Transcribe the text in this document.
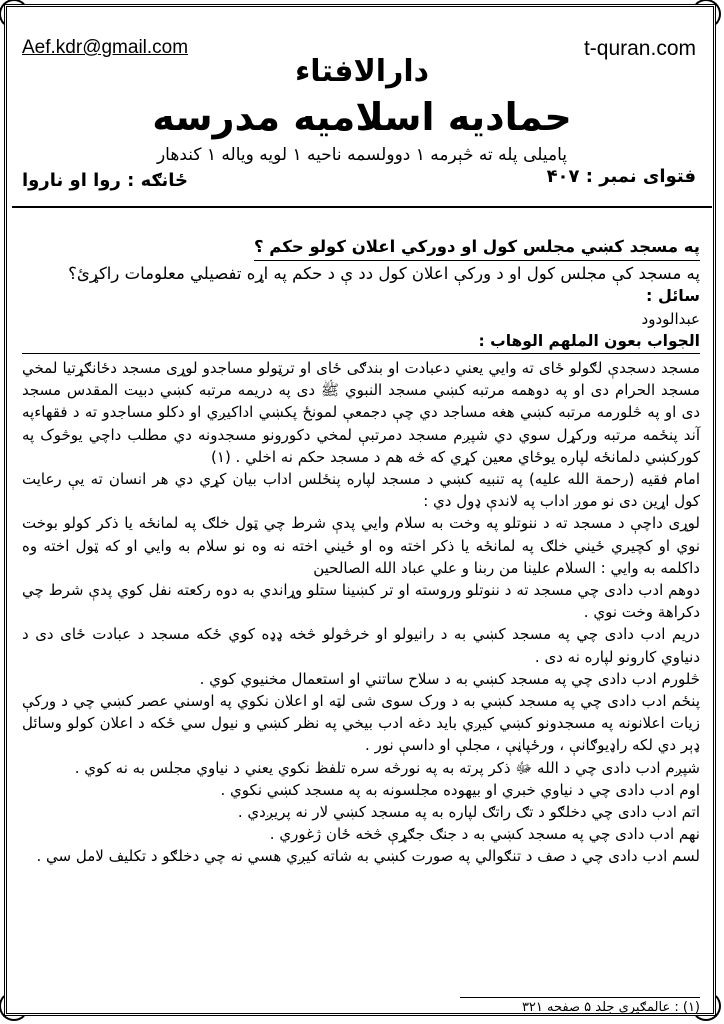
Aef.kdr@gmail.com	t-quran.com
دارالافتاء
حمادیه اسلامیه مدرسه
پامیلی پله ته څېرمه ۱ دوولسمه ناحیه ۱ لویه ویاله ۱ کندهار
فتوای نمبر : ۴۰۷
ځانګه : روا او ناروا

په مسجد کښي مجلس کول او دورکي اعلان کولو حکم ؟

په مسجد کې مجلس کول او د ورکې اعلان کول دد ې د حکم په اړه تفصیلي معلومات راکړئ؟

سائل :

عبدالودود

الجواب بعون الملهم الوهاب :

مسجد دسجدې لګولو ځای ته وایي یعني دعبادت او بندګی ځای او ترټولو مساجدو لوړی مسجد دځانګړتیا لمخي مسجد الحرام دی او په دوهمه مرتبه کښي مسجد النبوي ﷺ دی په دریمه مرتبه کښي دبیت المقدس مسجد دی او په څلورمه مرتبه کښي هغه مساجد دي چې دجمعې لمونځ پکښي اداکیږي او دکلو مساجدو ته د فقهاءپه آند پنځمه مرتبه ورکړل سوي دي شپږم مسجد دمرتبې لمخي دکورونو مسجدونه دي مطلب داچي یوڅوک په کورکښي دلمانځه لپاره یوځاي معین کړي که څه هم د مسجد حکم نه اخلي . (۱)

امام فقیه (رحمة الله علیه) په تنبیه کښي د مسجد لپاره پنځلس اداب بیان کړي دي هر انسان ته یې رعایت کول اړین دی نو موږ اداب په لاندې ډول دي :

لوړی داچې د مسجد ته د ننوتلو په وخت به سلام وایي پدې شرط چي ټول خلګ په لمانځه یا ذکر کولو بوخت نوي او کچیري ځیني خلګ په لمانځه یا ذکر اخته وه او ځیني اخته نه وه نو سلام به وایي او که ټول اخته وه داکلمه به وایي : السلام علینا من ربنا و علي عباد الله الصالحین

دوهم ادب دادی چي مسجد ته د ننوتلو وروسته او تر کښینا ستلو وړاندي به دوه رکعته نفل کوي پدې شرط چي دکراهة وخت نوي .

دریم ادب دادی چي په مسجد کښي به د رانیولو او خرڅولو څخه ډډه کوي ځکه مسجد د عبادت ځای دی د دنیاوي کارونو لپاره نه دی .

څلورم ادب دادی چي په مسجد کښي به د سلاح ساتني او استعمال مخنیوي کوي .

پنځم ادب دادی چي په مسجد کښي به د ورک سوی شی لټه او اعلان نکوي په اوسني عصر کښي چي د ورکې زیات اعلانونه په مسجدونو کښي کیږي باید دغه ادب بیخي په نظر کښي و نیول سي ځکه د اعلان کولو وسائل ډېر دي لکه راډیوګانې ، ورځپاڼې ، مجلې او داسې نور .

شپږم ادب دادی چي د الله ﷻ ذکر پرته به په نورڅه سره تلفظ نکوي یعني د نیاوي مجلس به نه کوي .

اوم ادب دادی چي د نیاوي خبري او بیهوده مجلسونه به په مسجد کښي نکوي .

اتم ادب دادی چي دخلګو د تګ راتګ لپاره به په مسجد کښي لار نه پریږدي .

نهم ادب دادی چي په مسجد کښي به د جنګ جګړې څخه ځان ژغوري .

لسم ادب دادی چي د صف د تنګوالي په صورت کښي به شاته کیږي هسي نه چي دخلګو د تکلیف لامل سي .

(۱) : عالمګیري جلد ۵ صفحه ۳۲۱
